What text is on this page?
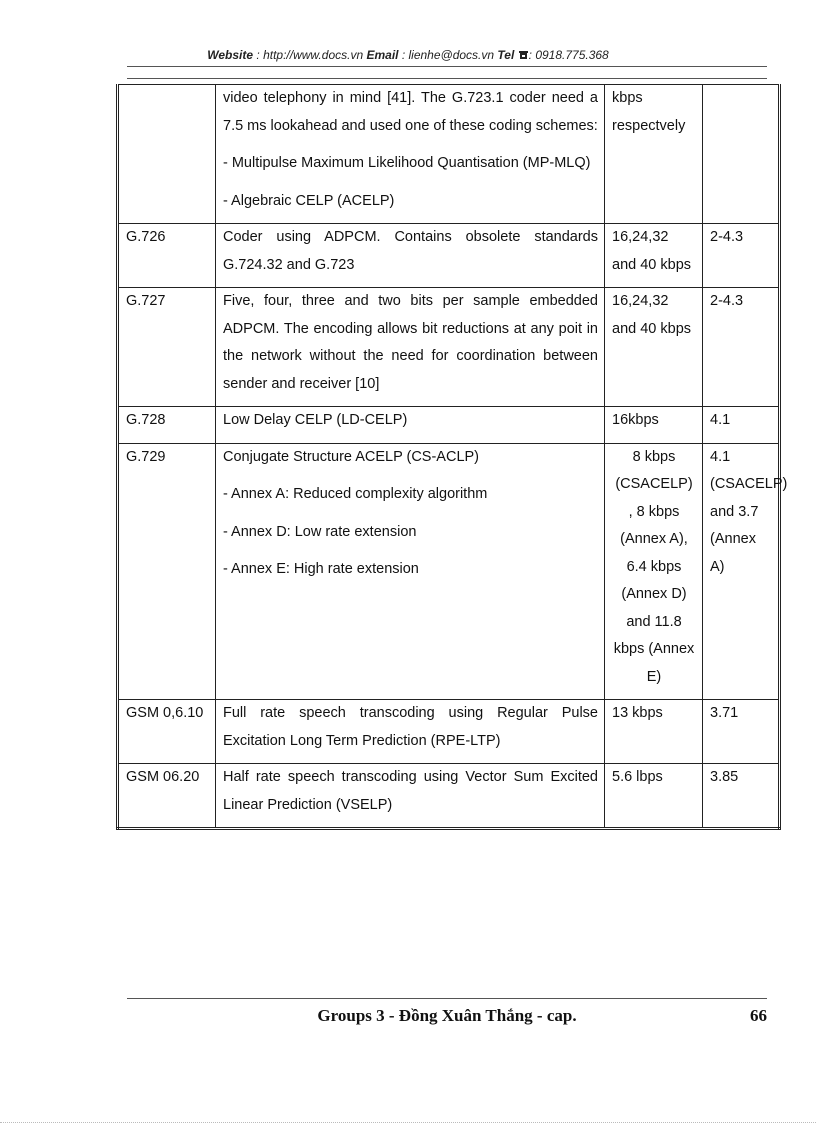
Website : http://www.docs.vn Email : lienhe@docs.vn Tel : 0918.775.368

	video telephony in mind [41]. The G.723.1 coder need a 7.5 ms lookahead and used one of these coding schemes:
- Multipulse Maximum Likelihood Quantisation (MP-MLQ)
- Algebraic CELP (ACELP)	kbps respectvely	
G.726	Coder using ADPCM. Contains obsolete standards G.724.32 and G.723	16,24,32 and 40 kbps	2-4.3
G.727	Five, four, three and two bits per sample embedded ADPCM. The encoding allows bit reductions at any poit in the network without the need for coordination between sender and receiver [10]	16,24,32 and 40 kbps	2-4.3
G.728	Low Delay CELP (LD-CELP)	16kbps	4.1
G.729	Conjugate Structure ACELP (CS-ACLP)
- Annex A: Reduced complexity algorithm
- Annex D: Low rate extension
- Annex E: High rate extension	8 kbps (CSACELP) , 8 kbps (Annex A), 6.4 kbps (Annex D) and 11.8 kbps (Annex E)	4.1 (CSACELP) and 3.7 (Annex A)
GSM 0,6.10	Full rate speech transcoding using Regular Pulse Excitation Long Term Prediction (RPE-LTP)	13 kbps	3.71
GSM 06.20	Half rate speech transcoding using Vector Sum Excited Linear Prediction (VSELP)	5.6 lbps	3.85
Groups 3 - Đồng Xuân Thắng - cap.	66
